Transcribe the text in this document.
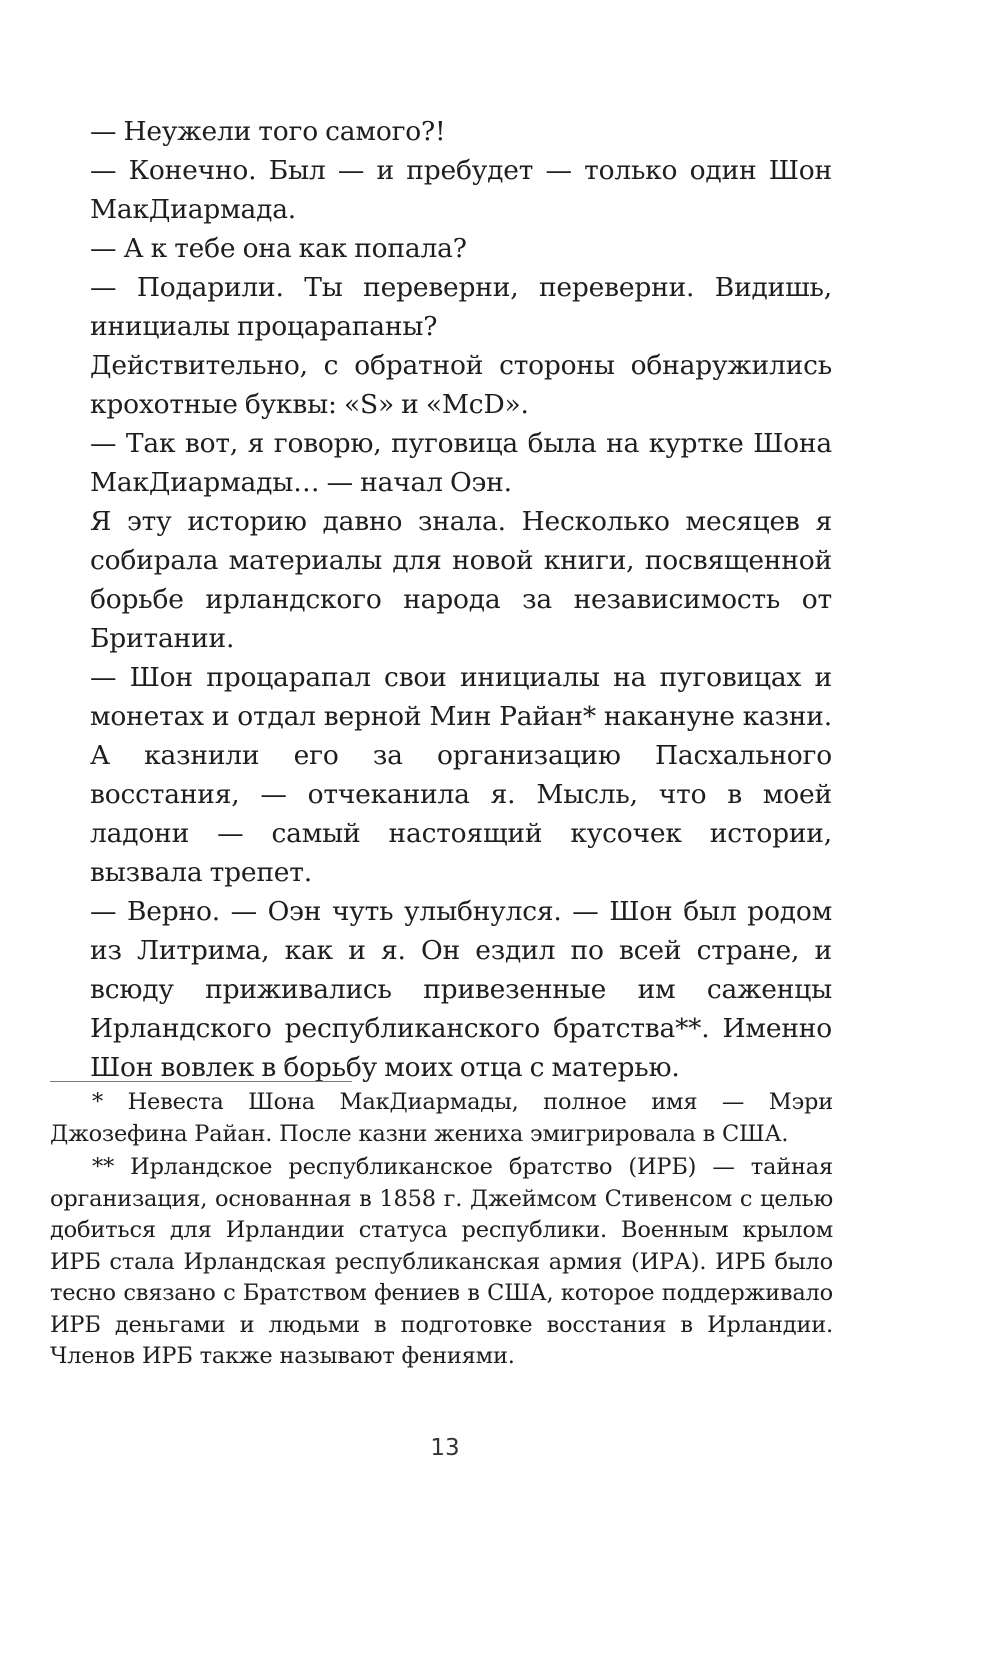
— Неужели того самого?!

— Конечно. Был — и пребудет — только один Шон МакДиармада.

— А к тебе она как попала?

— Подарили. Ты переверни, переверни. Видишь, инициалы процарапаны?

Действительно, с обратной стороны обнаружились крохотные буквы: «S» и «McD».

— Так вот, я говорю, пуговица была на куртке Шона МакДиармады… — начал Оэн.

Я эту историю давно знала. Несколько месяцев я собирала материалы для новой книги, посвященной борьбе ирландского народа за независимость от Британии.

— Шон процарапал свои инициалы на пуговицах и монетах и отдал верной Мин Райан* накануне казни. А казнили его за организацию Пасхального восстания, — отчеканила я. Мысль, что в моей ладони — самый настоящий кусочек истории, вызвала трепет.

— Верно. — Оэн чуть улыбнулся. — Шон был родом из Литрима, как и я. Он ездил по всей стране, и всюду приживались привезенные им саженцы Ирландского республиканского братства**. Именно Шон вовлек в борьбу моих отца с матерью.

* Невеста Шона МакДиармады, полное имя — Мэри Джозефина Райан. После казни жениха эмигрировала в США.

** Ирландское республиканское братство (ИРБ) — тайная организация, основанная в 1858 г. Джеймсом Стивенсом с целью добиться для Ирландии статуса республики. Военным крылом ИРБ стала Ирландская республиканская армия (ИРА). ИРБ было тесно связано с Братством фениев в США, которое поддерживало ИРБ деньгами и людьми в подготовке восстания в Ирландии. Членов ИРБ также называют фениями.

13
